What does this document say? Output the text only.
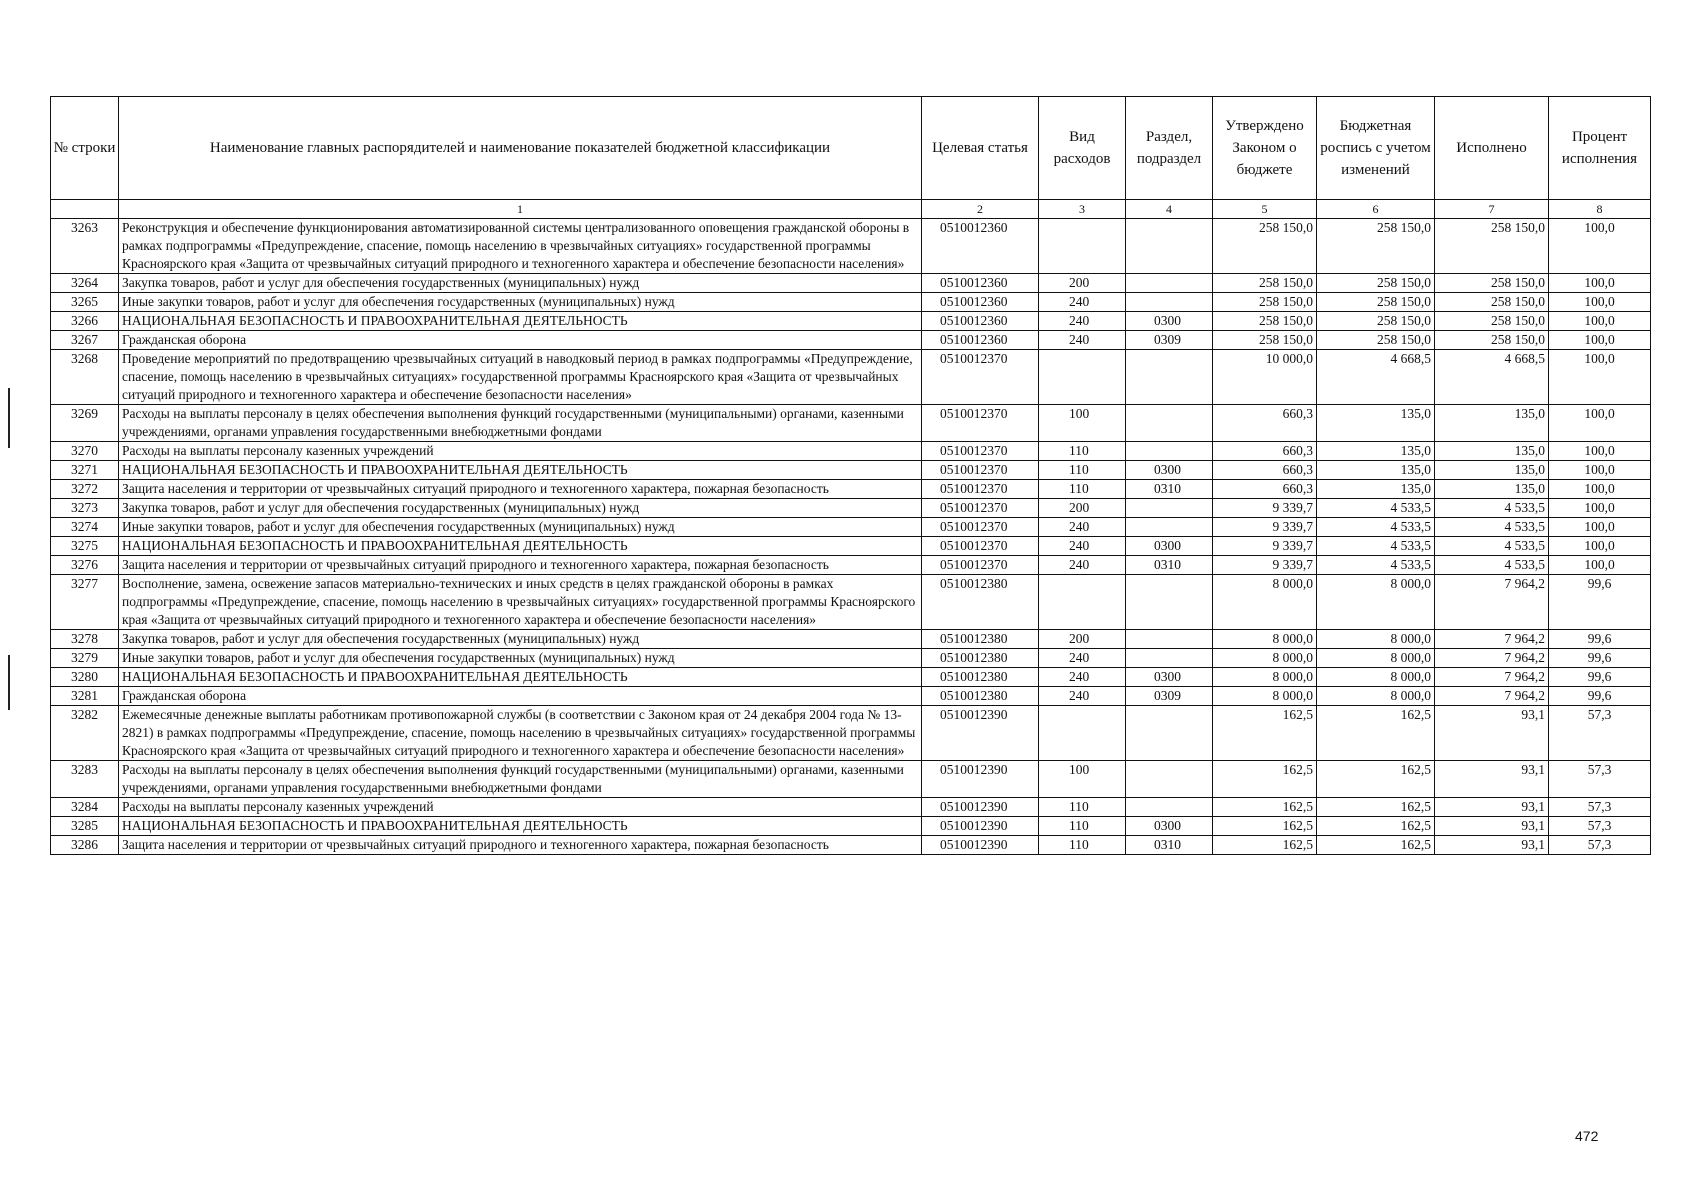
№ строки	Наименование главных распорядителей и наименование показателей бюджетной классификации	Целевая статья	Вид расходов	Раздел, подраздел	Утверждено Законом о бюджете	Бюджетная роспись с учетом изменений	Исполнено	Процент исполнения
	1	2	3	4	5	6	7	8
3263	Реконструкция и обеспечение функционирования автоматизированной системы централизованного оповещения гражданской обороны в рамках подпрограммы «Предупреждение, спасение, помощь населению в чрезвычайных ситуациях» государственной программы Красноярского края «Защита от чрезвычайных ситуаций природного и техногенного характера и обеспечение безопасности населения»	0510012360			258 150,0	258 150,0	258 150,0	100,0
3264	Закупка товаров, работ и услуг для обеспечения государственных (муниципальных) нужд	0510012360	200		258 150,0	258 150,0	258 150,0	100,0
3265	Иные закупки товаров, работ и услуг для обеспечения государственных (муниципальных) нужд	0510012360	240		258 150,0	258 150,0	258 150,0	100,0
3266	НАЦИОНАЛЬНАЯ БЕЗОПАСНОСТЬ И ПРАВООХРАНИТЕЛЬНАЯ ДЕЯТЕЛЬНОСТЬ	0510012360	240	0300	258 150,0	258 150,0	258 150,0	100,0
3267	Гражданская оборона	0510012360	240	0309	258 150,0	258 150,0	258 150,0	100,0
3268	Проведение мероприятий по предотвращению чрезвычайных ситуаций в наводковый период в рамках подпрограммы «Предупреждение, спасение, помощь населению в чрезвычайных ситуациях» государственной программы Красноярского края «Защита от чрезвычайных ситуаций природного и техногенного характера и обеспечение безопасности населения»	0510012370			10 000,0	4 668,5	4 668,5	100,0
3269	Расходы на выплаты персоналу в целях обеспечения выполнения функций государственными (муниципальными) органами, казенными учреждениями, органами управления государственными внебюджетными фондами	0510012370	100		660,3	135,0	135,0	100,0
3270	Расходы на выплаты персоналу казенных учреждений	0510012370	110		660,3	135,0	135,0	100,0
3271	НАЦИОНАЛЬНАЯ БЕЗОПАСНОСТЬ И ПРАВООХРАНИТЕЛЬНАЯ ДЕЯТЕЛЬНОСТЬ	0510012370	110	0300	660,3	135,0	135,0	100,0
3272	Защита населения и территории от чрезвычайных ситуаций природного и техногенного характера, пожарная безопасность	0510012370	110	0310	660,3	135,0	135,0	100,0
3273	Закупка товаров, работ и услуг для обеспечения государственных (муниципальных) нужд	0510012370	200		9 339,7	4 533,5	4 533,5	100,0
3274	Иные закупки товаров, работ и услуг для обеспечения государственных (муниципальных) нужд	0510012370	240		9 339,7	4 533,5	4 533,5	100,0
3275	НАЦИОНАЛЬНАЯ БЕЗОПАСНОСТЬ И ПРАВООХРАНИТЕЛЬНАЯ ДЕЯТЕЛЬНОСТЬ	0510012370	240	0300	9 339,7	4 533,5	4 533,5	100,0
3276	Защита населения и территории от чрезвычайных ситуаций природного и техногенного характера, пожарная безопасность	0510012370	240	0310	9 339,7	4 533,5	4 533,5	100,0
3277	Восполнение, замена, освежение запасов материально-технических и иных средств в целях гражданской обороны в рамках подпрограммы «Предупреждение, спасение, помощь населению в чрезвычайных ситуациях» государственной программы Красноярского края «Защита от чрезвычайных ситуаций природного и техногенного характера и обеспечение безопасности населения»	0510012380			8 000,0	8 000,0	7 964,2	99,6
3278	Закупка товаров, работ и услуг для обеспечения государственных (муниципальных) нужд	0510012380	200		8 000,0	8 000,0	7 964,2	99,6
3279	Иные закупки товаров, работ и услуг для обеспечения государственных (муниципальных) нужд	0510012380	240		8 000,0	8 000,0	7 964,2	99,6
3280	НАЦИОНАЛЬНАЯ БЕЗОПАСНОСТЬ И ПРАВООХРАНИТЕЛЬНАЯ ДЕЯТЕЛЬНОСТЬ	0510012380	240	0300	8 000,0	8 000,0	7 964,2	99,6
3281	Гражданская оборона	0510012380	240	0309	8 000,0	8 000,0	7 964,2	99,6
3282	Ежемесячные денежные выплаты работникам противопожарной службы (в соответствии с Законом края от 24 декабря 2004 года № 13-2821) в рамках подпрограммы «Предупреждение, спасение, помощь населению в чрезвычайных ситуациях» государственной программы Красноярского края «Защита от чрезвычайных ситуаций природного и техногенного характера и обеспечение безопасности населения»	0510012390			162,5	162,5	93,1	57,3
3283	Расходы на выплаты персоналу в целях обеспечения выполнения функций государственными (муниципальными) органами, казенными учреждениями, органами управления государственными внебюджетными фондами	0510012390	100		162,5	162,5	93,1	57,3
3284	Расходы на выплаты персоналу казенных учреждений	0510012390	110		162,5	162,5	93,1	57,3
3285	НАЦИОНАЛЬНАЯ БЕЗОПАСНОСТЬ И ПРАВООХРАНИТЕЛЬНАЯ ДЕЯТЕЛЬНОСТЬ	0510012390	110	0300	162,5	162,5	93,1	57,3
3286	Защита населения и территории от чрезвычайных ситуаций природного и техногенного характера, пожарная безопасность	0510012390	110	0310	162,5	162,5	93,1	57,3
472
